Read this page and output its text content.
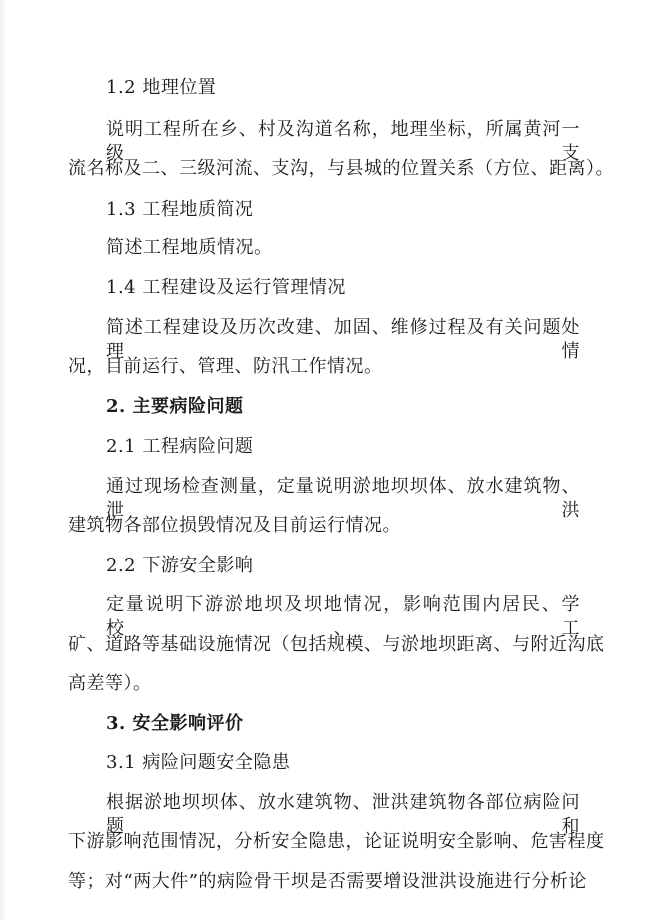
1.2 地理位置
说明工程所在乡、村及沟道名称，地理坐标，所属黄河一级支
流名称及二、三级河流、支沟，与县城的位置关系（方位、距离）。
1.3 工程地质简况
简述工程地质情况。
1.4 工程建设及运行管理情况
简述工程建设及历次改建、加固、维修过程及有关问题处理情
况，目前运行、管理、防汛工作情况。
2. 主要病险问题
2.1 工程病险问题
通过现场检查测量，定量说明淤地坝坝体、放水建筑物、泄洪
建筑物各部位损毁情况及目前运行情况。
2.2 下游安全影响
定量说明下游淤地坝及坝地情况，影响范围内居民、学校、工
矿、道路等基础设施情况（包括规模、与淤地坝距离、与附近沟底
高差等）。
3. 安全影响评价
3.1 病险问题安全隐患
根据淤地坝坝体、放水建筑物、泄洪建筑物各部位病险问题和
下游影响范围情况，分析安全隐患，论证说明安全影响、危害程度
等；对“两大件”的病险骨干坝是否需要增设泄洪设施进行分析论
